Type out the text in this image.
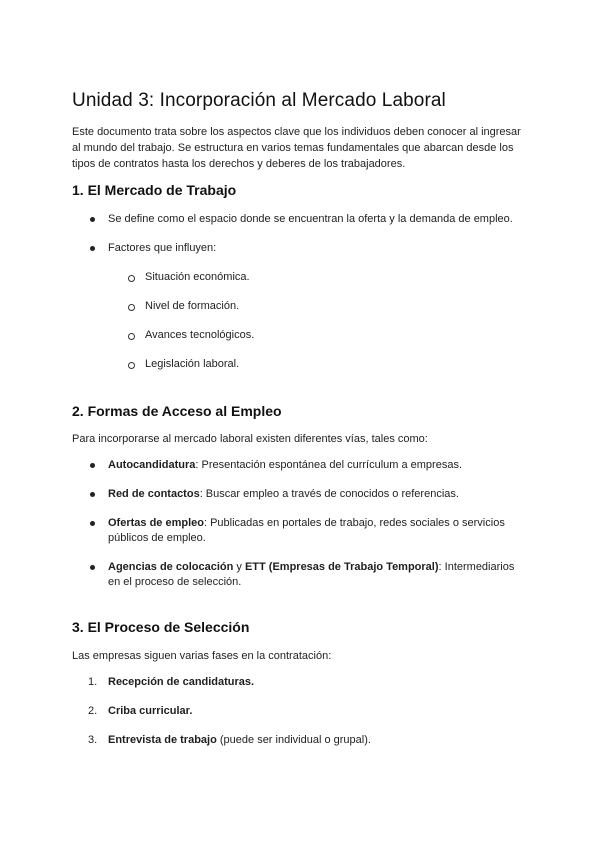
Unidad 3: Incorporación al Mercado Laboral
Este documento trata sobre los aspectos clave que los individuos deben conocer al ingresar al mundo del trabajo. Se estructura en varios temas fundamentales que abarcan desde los tipos de contratos hasta los derechos y deberes de los trabajadores.
1. El Mercado de Trabajo
Se define como el espacio donde se encuentran la oferta y la demanda de empleo.
Factores que influyen:
Situación económica.
Nivel de formación.
Avances tecnológicos.
Legislación laboral.
2. Formas de Acceso al Empleo
Para incorporarse al mercado laboral existen diferentes vías, tales como:
Autocandidatura: Presentación espontánea del currículum a empresas.
Red de contactos: Buscar empleo a través de conocidos o referencias.
Ofertas de empleo: Publicadas en portales de trabajo, redes sociales o servicios públicos de empleo.
Agencias de colocación y ETT (Empresas de Trabajo Temporal): Intermediarios en el proceso de selección.
3. El Proceso de Selección
Las empresas siguen varias fases en la contratación:
1. Recepción de candidaturas.
2. Criba curricular.
3. Entrevista de trabajo (puede ser individual o grupal).
